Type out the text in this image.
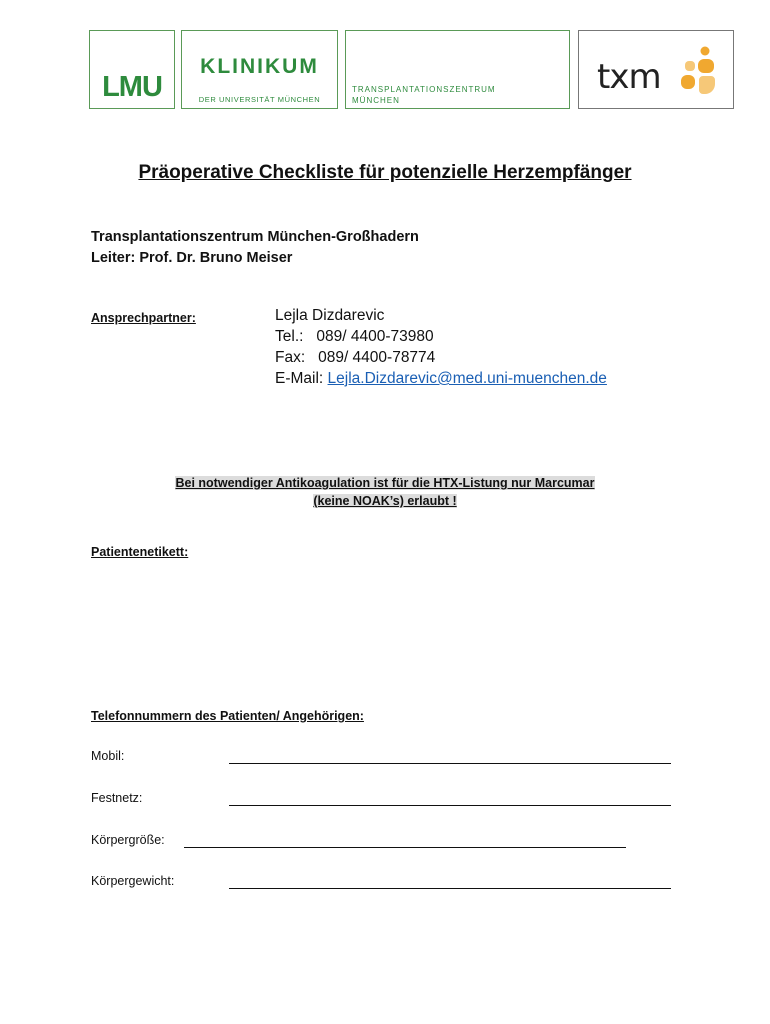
LMU
KLINIKUM
DER UNIVERSITÄT MÜNCHEN
TRANSPLANTATIONSZENTRUM
MÜNCHEN
txm
Präoperative Checkliste für potenzielle Herzempfänger
Transplantationszentrum München-Großhadern
Leiter: Prof. Dr. Bruno Meiser
Ansprechpartner:	Lejla Dizdarevic
Tel.: 089/ 4400-73980
Fax: 089/ 4400-78774
E-Mail: Lejla.Dizdarevic@med.uni-muenchen.de
Bei notwendiger Antikoagulation ist für die HTX-Listung nur Marcumar
(keine NOAK’s) erlaubt !
Patientenetikett:
Telefonnummern des Patienten/ Angehörigen:
Mobil:
Festnetz:
Körpergröße:
Körpergewicht:
